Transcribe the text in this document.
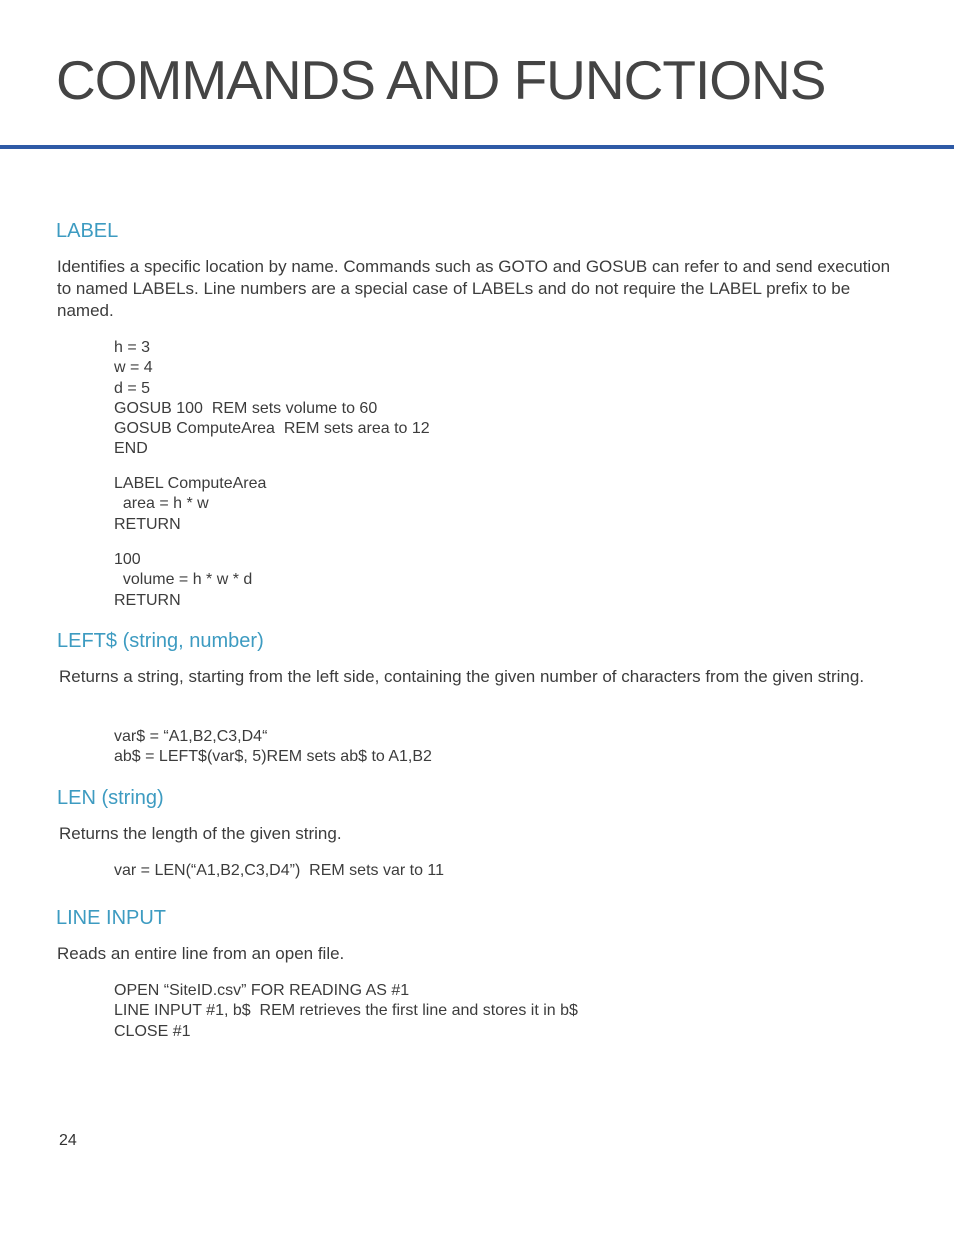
COMMANDS AND FUNCTIONS
LABEL

Identifies a specific location by name. Commands such as GOTO and GOSUB can refer to and send execution to named LABELs. Line numbers are a special case of LABELs and do not require the LABEL prefix to be named.

h = 3
w = 4
d = 5
GOSUB 100  REM sets volume to 60
GOSUB ComputeArea  REM sets area to 12
END
LABEL ComputeArea
area = h * w
RETURN
100
volume = h * w * d
RETURN
LEFT$ (string, number)

Returns a string, starting from the left side, containing the given number of characters from the given string.

var$ = “A1,B2,C3,D4“
ab$ = LEFT$(var$, 5)REM sets ab$ to A1,B2
LEN (string)

Returns the length of the given string.

var = LEN(“A1,B2,C3,D4”)  REM sets var to 11
LINE INPUT

Reads an entire line from an open file.

OPEN “SiteID.csv” FOR READING AS #1
LINE INPUT #1, b$  REM retrieves the first line and stores it in b$
CLOSE #1
24
